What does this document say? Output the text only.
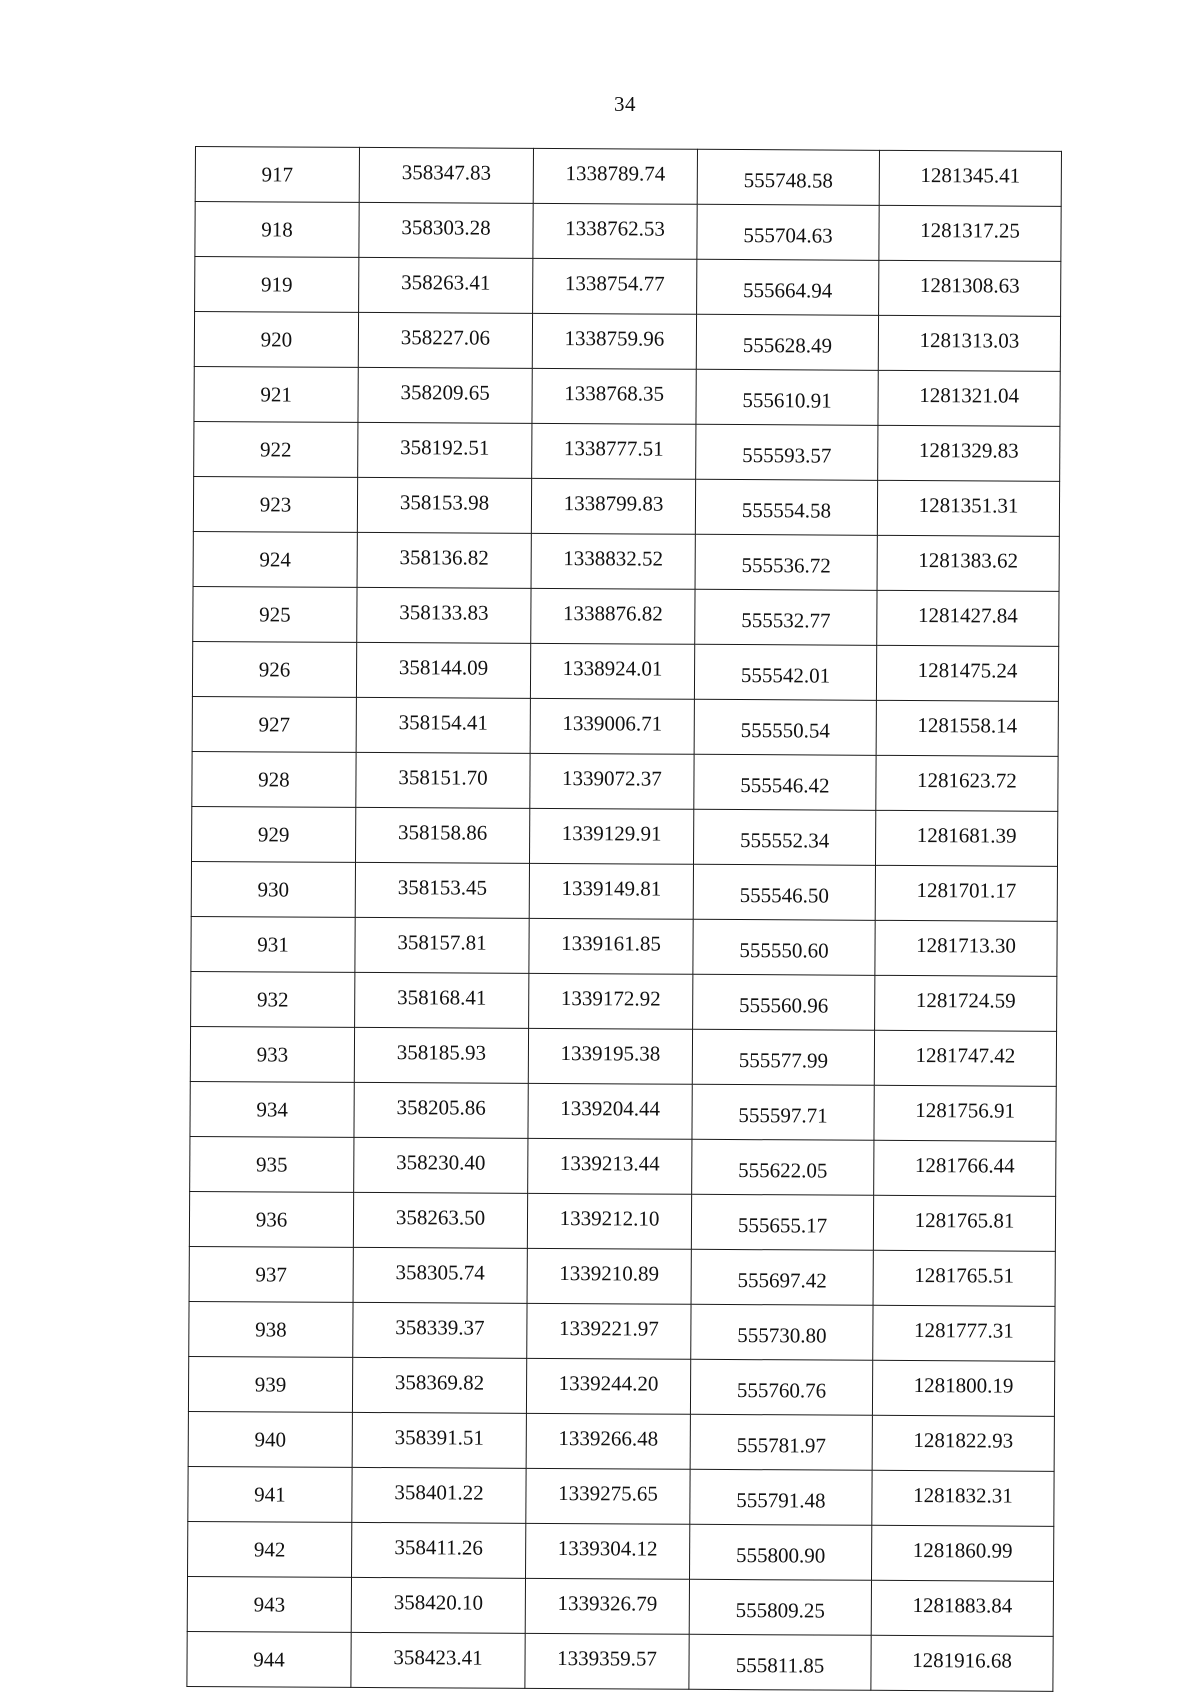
34
917	358347.83	1338789.74	555748.58	1281345.41
918	358303.28	1338762.53	555704.63	1281317.25
919	358263.41	1338754.77	555664.94	1281308.63
920	358227.06	1338759.96	555628.49	1281313.03
921	358209.65	1338768.35	555610.91	1281321.04
922	358192.51	1338777.51	555593.57	1281329.83
923	358153.98	1338799.83	555554.58	1281351.31
924	358136.82	1338832.52	555536.72	1281383.62
925	358133.83	1338876.82	555532.77	1281427.84
926	358144.09	1338924.01	555542.01	1281475.24
927	358154.41	1339006.71	555550.54	1281558.14
928	358151.70	1339072.37	555546.42	1281623.72
929	358158.86	1339129.91	555552.34	1281681.39
930	358153.45	1339149.81	555546.50	1281701.17
931	358157.81	1339161.85	555550.60	1281713.30
932	358168.41	1339172.92	555560.96	1281724.59
933	358185.93	1339195.38	555577.99	1281747.42
934	358205.86	1339204.44	555597.71	1281756.91
935	358230.40	1339213.44	555622.05	1281766.44
936	358263.50	1339212.10	555655.17	1281765.81
937	358305.74	1339210.89	555697.42	1281765.51
938	358339.37	1339221.97	555730.80	1281777.31
939	358369.82	1339244.20	555760.76	1281800.19
940	358391.51	1339266.48	555781.97	1281822.93
941	358401.22	1339275.65	555791.48	1281832.31
942	358411.26	1339304.12	555800.90	1281860.99
943	358420.10	1339326.79	555809.25	1281883.84
944	358423.41	1339359.57	555811.85	1281916.68
